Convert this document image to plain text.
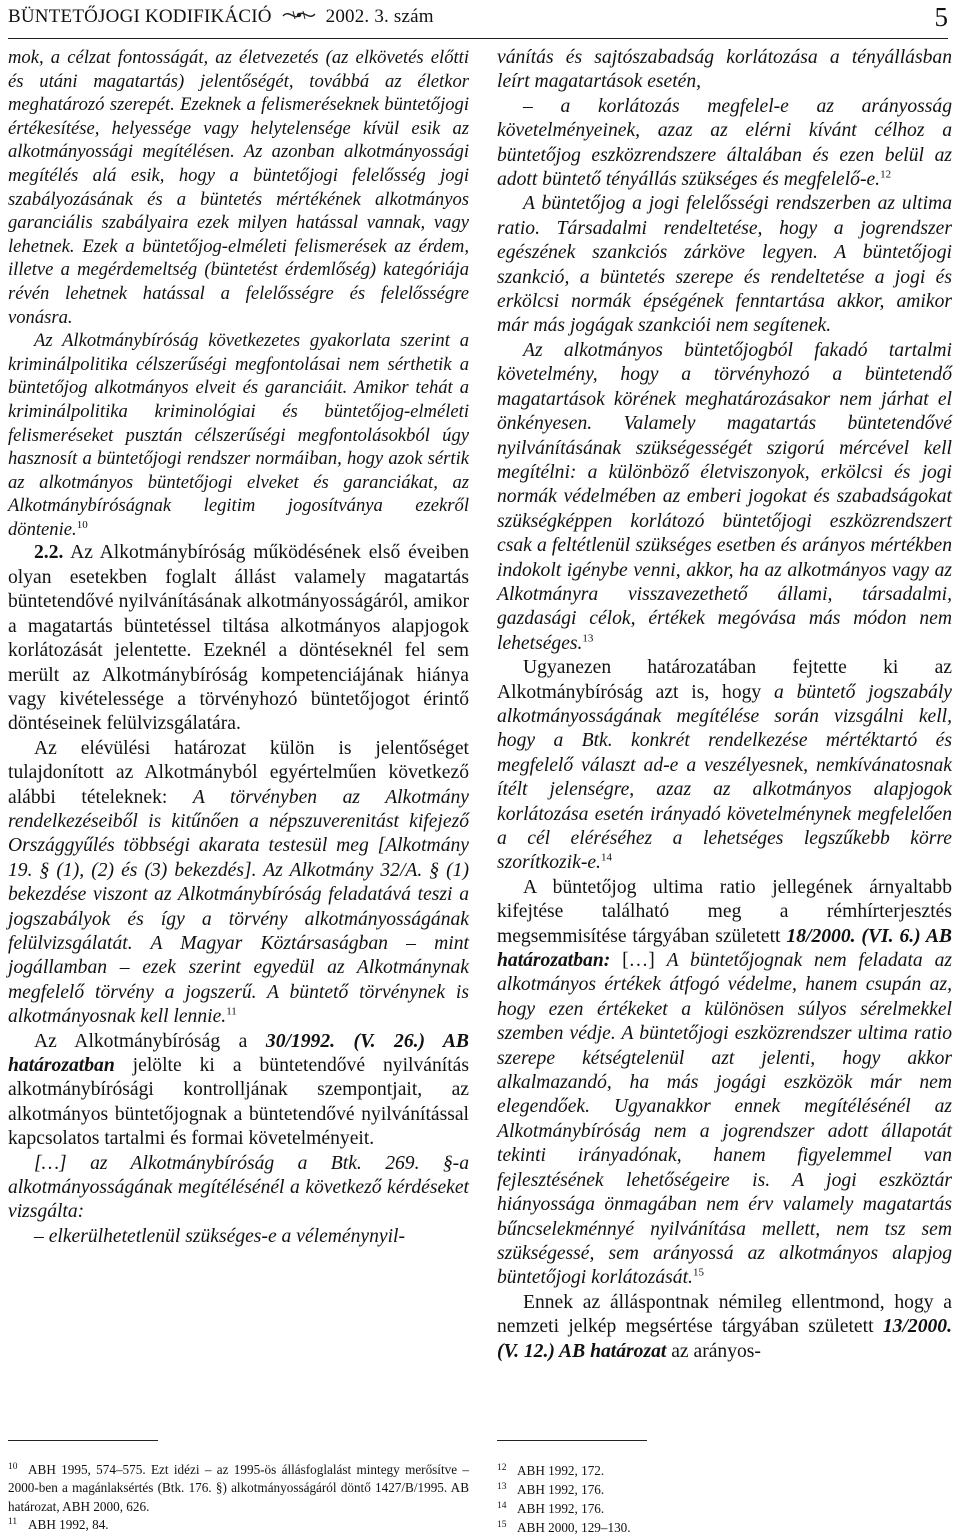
BÜNTETŐJOGI KODIFIKÁCIÓ	2002. 3. szám	5

mok, a célzat fontosságát, az életvezetés (az elkövetés előtti és utáni magatartás) jelentőségét, továbbá az életkor meghatározó szerepét. Ezeknek a felismeréseknek büntetőjogi értékesítése, helyessége vagy helytelensége kívül esik az alkotmányossági megítélésen. Az azonban alkotmányossági megítélés alá esik, hogy a büntetőjogi felelősség jogi szabályozásának és a büntetés mértékének alkotmányos garanciális szabályaira ezek milyen hatással vannak, vagy lehetnek. Ezek a büntetőjog-elméleti felismerések az érdem, illetve a megérdemeltség (büntetést érdemlőség) kategóriája révén lehetnek hatással a felelősségre és felelősségre vonásra.

Az Alkotmánybíróság következetes gyakorlata szerint a kriminálpolitika célszerűségi megfontolásai nem sérthetik a büntetőjog alkotmányos elveit és garanciáit. Amikor tehát a kriminálpolitika kriminológiai és büntetőjog-elméleti felismeréseket pusztán célszerűségi megfontolásokból úgy hasznosít a büntetőjogi rendszer normáiban, hogy azok sértik az alkotmányos büntetőjogi elveket és garanciákat, az Alkotmánybíróságnak legitim jogosítványa ezekről döntenie.$^{10}$

2.2. Az Alkotmánybíróság működésének első éveiben olyan esetekben foglalt állást valamely magatartás büntetendővé nyilvánításának alkotmányosságáról, amikor a magatartás büntetéssel tiltása alkotmányos alapjogok korlátozását jelentette. Ezeknél a döntéseknél fel sem merült az Alkotmánybíróság kompetenciájának hiánya vagy kivételessége a törvényhozó büntetőjogot érintő döntéseinek felülvizsgálatára.

Az elévülési határozat külön is jelentőséget tulajdonított az Alkotmányból egyértelműen következő alábbi tételeknek: A törvényben az Alkotmány rendelkezéseiből is kitűnően a népszuverenitást kifejező Országgyűlés többségi akarata testesül meg [Alkotmány 19. § (1), (2) és (3) bekezdés]. Az Alkotmány 32/A. § (1) bekezdése viszont az Alkotmánybíróság feladatává teszi a jogszabályok és így a törvény alkotmányosságának felülvizsgálatát. A Magyar Köztársaságban – mint jogállamban – ezek szerint egyedül az Alkotmánynak megfelelő törvény a jogszerű. A büntető törvénynek is alkotmányosnak kell lennie.$^{11}$

Az Alkotmánybíróság a 30/1992. (V. 26.) AB határozatban jelölte ki a büntetendővé nyilvánítás alkotmánybírósági kontrolljának szempontjait, az alkotmányos büntetőjognak a büntetendővé nyilvánítással kapcsolatos tartalmi és formai követelményeit.

[…] az Alkotmánybíróság a Btk. 269. §-a alkotmányosságának megítélésénél a következő kérdéseket vizsgálta:

– elkerülhetetlenül szükséges-e a véleménynyil-

vánítás és sajtószabadság korlátozása a tényállásban leírt magatartások esetén,

– a korlátozás megfelel-e az arányosság követelményeinek, azaz az elérni kívánt célhoz a büntetőjog eszközrendszere általában és ezen belül az adott büntető tényállás szükséges és megfelelő-e.$^{12}$

A büntetőjog a jogi felelősségi rendszerben az ultima ratio. Társadalmi rendeltetése, hogy a jogrendszer egészének szankciós zárköve legyen. A büntetőjogi szankció, a büntetés szerepe és rendeltetése a jogi és erkölcsi normák épségének fenntartása akkor, amikor már más jogágak szankciói nem segítenek.

Az alkotmányos büntetőjogból fakadó tartalmi követelmény, hogy a törvényhozó a büntetendő magatartások körének meghatározásakor nem járhat el önkényesen. Valamely magatartás büntetendővé nyilvánításának szükségességét szigorú mércével kell megítélni: a különböző életviszonyok, erkölcsi és jogi normák védelmében az emberi jogokat és szabadságokat szükségképpen korlátozó büntetőjogi eszközrendszert csak a feltétlenül szükséges esetben és arányos mértékben indokolt igénybe venni, akkor, ha az alkotmányos vagy az Alkotmányra visszavezethető állami, társadalmi, gazdasági célok, értékek megóvása más módon nem lehetséges.$^{13}$

Ugyanezen határozatában fejtette ki az Alkotmánybíróság azt is, hogy a büntető jogszabály alkotmányosságának megítélése során vizsgálni kell, hogy a Btk. konkrét rendelkezése mértéktartó és megfelelő választ ad-e a veszélyesnek, nemkívánatosnak ítélt jelenségre, azaz az alkotmányos alapjogok korlátozása esetén irányadó követelménynek megfelelően a cél eléréséhez a lehetséges legszűkebb körre szorítkozik-e.$^{14}$

A büntetőjog ultima ratio jellegének árnyaltabb kifejtése található meg a rémhírterjesztés megsemmisítése tárgyában született 18/2000. (VI. 6.) AB határozatban: […] A büntetőjognak nem feladata az alkotmányos értékek átfogó védelme, hanem csupán az, hogy ezen értékeket a különösen súlyos sérelmekkel szemben védje. A büntetőjogi eszközrendszer ultima ratio szerepe kétségtelenül azt jelenti, hogy akkor alkalmazandó, ha más jogági eszközök már nem elegendőek. Ugyanakkor ennek megítélésénél az Alkotmánybíróság nem a jogrendszer adott állapotát tekinti irányadónak, hanem figyelemmel van fejlesztésének lehetőségeire is. A jogi eszköztár hiányossága önmagában nem érv valamely magatartás bűncselekménnyé nyilvánítása mellett, nem tsz sem szükségessé, sem arányossá az alkotmányos alapjog büntetőjogi korlátozását.$^{15}$

Ennek az álláspontnak némileg ellentmond, hogy a nemzeti jelkép megsértése tárgyában született 13/2000. (V. 12.) AB határozat az arányos-

10 ABH 1995, 574–575. Ezt idézi – az 1995-ös állásfoglalást mintegy merősítve – 2000-ben a magánlaksértés (Btk. 176. §) alkotmányosságáról döntő 1427/B/1995. AB határozat, ABH 2000, 626.

11 ABH 1992, 84.

12 ABH 1992, 172.

13 ABH 1992, 176.

14 ABH 1992, 176.

15 ABH 2000, 129–130.
